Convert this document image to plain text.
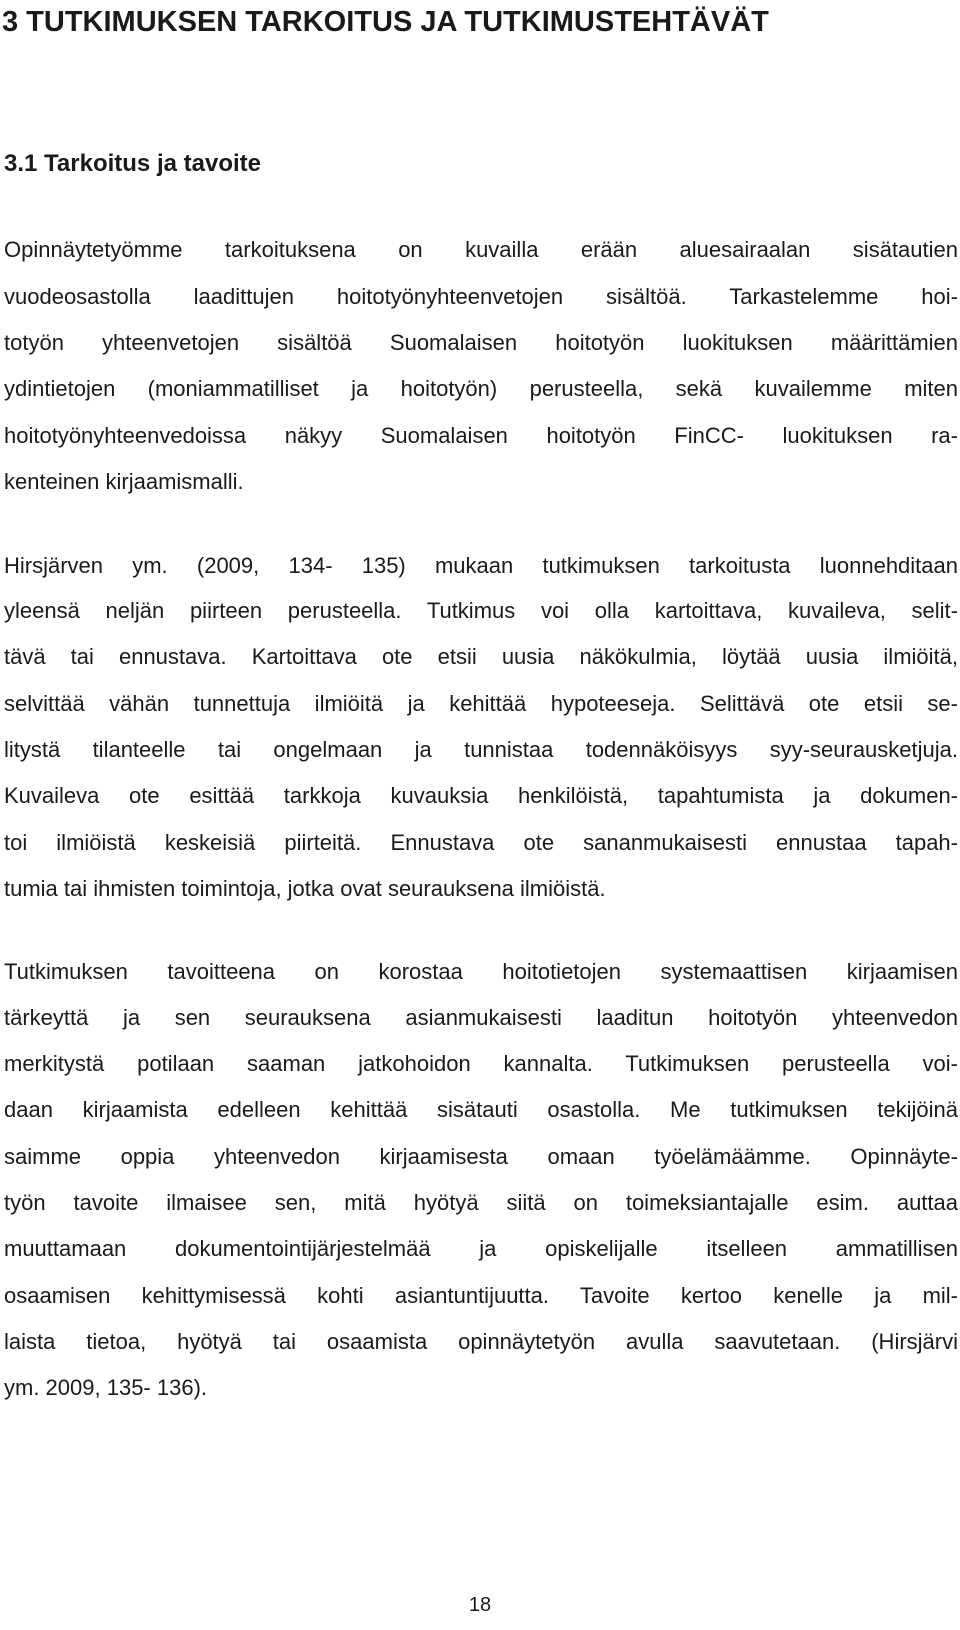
3 TUTKIMUKSEN TARKOITUS JA TUTKIMUSTEHTÄVÄT
3.1 Tarkoitus ja tavoite

Opinnäytetyömme tarkoituksena on kuvailla erään aluesairaalan sisätautien

vuodeosastolla laadittujen hoitotyönyhteenvetojen sisältöä. Tarkastelemme hoi-

totyön yhteenvetojen sisältöä Suomalaisen hoitotyön luokituksen määrittämien

ydintietojen (moniammatilliset ja hoitotyön) perusteella, sekä kuvailemme miten

hoitotyönyhteenvedoissa näkyy Suomalaisen hoitotyön FinCC- luokituksen ra-

kenteinen kirjaamismalli.

Hirsjärven ym. (2009, 134- 135) mukaan tutkimuksen tarkoitusta luonnehditaan

yleensä neljän piirteen perusteella. Tutkimus voi olla kartoittava, kuvaileva, selit-

tävä tai ennustava. Kartoittava ote etsii uusia näkökulmia, löytää uusia ilmiöitä,

selvittää vähän tunnettuja ilmiöitä ja kehittää hypoteeseja. Selittävä ote etsii se-

litystä tilanteelle tai ongelmaan ja tunnistaa todennäköisyys syy-seurausketjuja.

Kuvaileva ote esittää tarkkoja kuvauksia henkilöistä, tapahtumista ja dokumen-

toi ilmiöistä keskeisiä piirteitä. Ennustava ote sananmukaisesti ennustaa tapah-

tumia tai ihmisten toimintoja, jotka ovat seurauksena ilmiöistä.

Tutkimuksen tavoitteena on korostaa hoitotietojen systemaattisen kirjaamisen

tärkeyttä ja sen seurauksena asianmukaisesti laaditun hoitotyön yhteenvedon

merkitystä potilaan saaman jatkohoidon kannalta. Tutkimuksen perusteella voi-

daan kirjaamista edelleen kehittää sisätauti osastolla. Me tutkimuksen tekijöinä

saimme oppia yhteenvedon kirjaamisesta omaan työelämäämme. Opinnäyte-

työn tavoite ilmaisee sen, mitä hyötyä siitä on toimeksiantajalle esim. auttaa

muuttamaan dokumentointijärjestelmää ja opiskelijalle itselleen ammatillisen

osaamisen kehittymisessä kohti asiantuntijuutta. Tavoite kertoo kenelle ja mil-

laista tietoa, hyötyä tai osaamista opinnäytetyön avulla saavutetaan. (Hirsjärvi

ym. 2009, 135- 136).

18
